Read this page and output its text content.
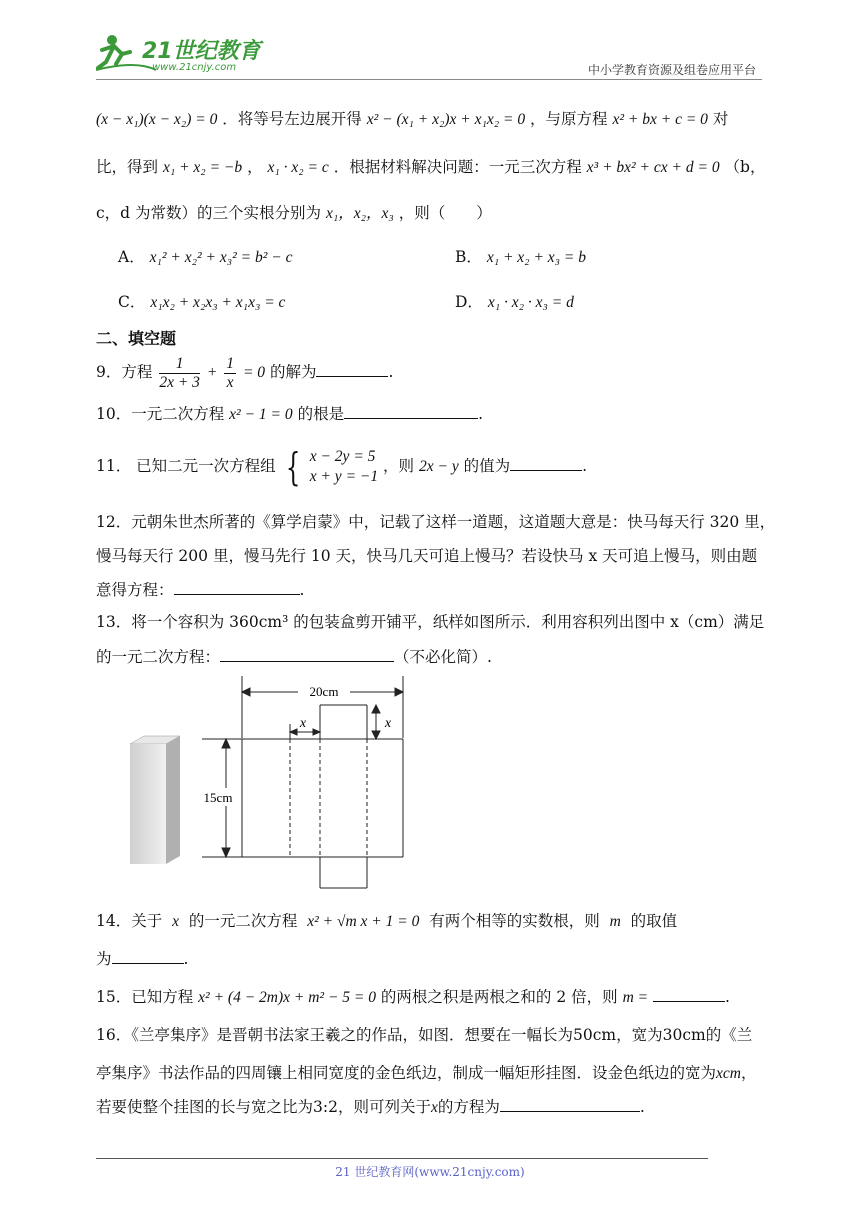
21世纪教育
www.21cnjy.com	中小学教育资源及组卷应用平台
(x − x₁)(x − x₂) = 0 ．将等号左边展开得 x² − (x₁ + x₂)x + x₁x₂ = 0 ，与原方程 x² + bx + c = 0 对
比，得到 x₁ + x₂ = −b ， x₁ · x₂ = c ．根据材料解决问题：一元三次方程 x³ + bx² + cx + d = 0 （b，
c，d 为常数）的三个实根分别为 x₁，x₂，x₃ ，则（　　）
A． x₁² + x₂² + x₃² = b² − c	B． x₁ + x₂ + x₃ = b
C． x₁x₂ + x₂x₃ + x₁x₃ = c	D． x₁ · x₂ · x₃ = d
二、填空题
9．方程 $\frac{1}{2x + 3} + \frac{1}{x} = 0$ 的解为	.
10．一元二次方程 x² − 1 = 0 的根是	.
11． 已知二元一次方程组 { x − 2y = 5
x + y = −1
，则 2x − y 的值为	.
12．元朝朱世杰所著的《算学启蒙》中，记载了这样一道题，这道题大意是：快马每天行 320 里，
慢马每天行 200 里，慢马先行 10 天，快马几天可追上慢马？若设快马 x 天可追上慢马，则由题
意得方程：	.
13．将一个容积为 360cm³ 的包装盒剪开铺平，纸样如图所示．利用容积列出图中 x（cm）满足
的一元二次方程：	（不必化简）.
20cm
15cm
x	x
14．关于 x 的一元二次方程 x² + √m x + 1 = 0 有两个相等的实数根，则 m 的取值
为	.
15．已知方程 x² + (4 − 2m)x + m² − 5 = 0 的两根之积是两根之和的 2 倍，则 m =	.
16．《兰亭集序》是晋朝书法家王羲之的作品，如图．想要在一幅长为50cm，宽为30cm的《兰
亭集序》书法作品的四周镶上相同宽度的金色纸边，制成一幅矩形挂图．设金色纸边的宽为xcm，
若要使整个挂图的长与宽之比为3:2，则可列关于x的方程为	.
21 世纪教育网(www.21cnjy.com)
